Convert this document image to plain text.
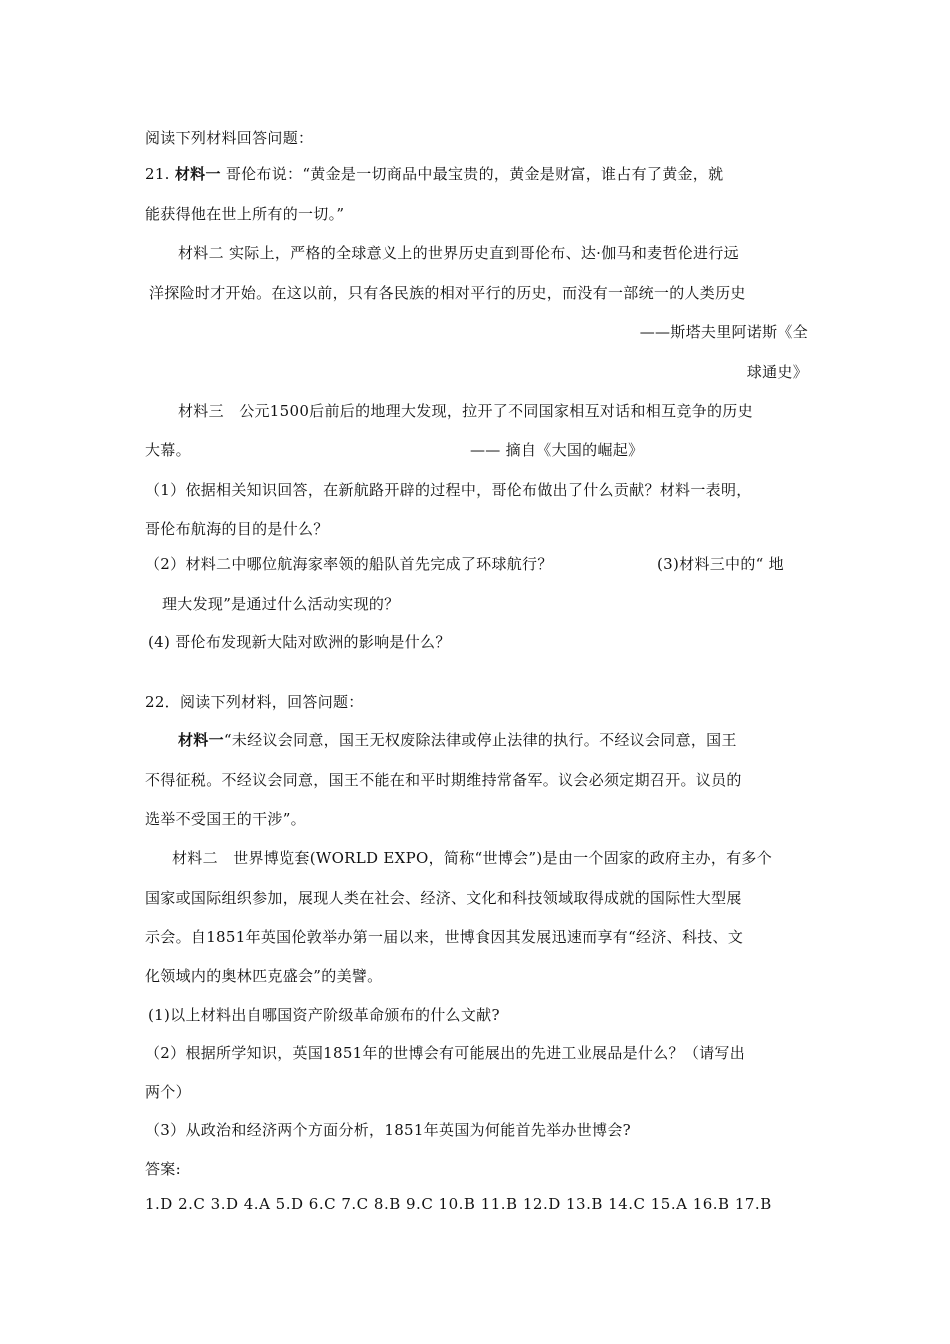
阅读下列材料回答问题：
21. 材料一 哥伦布说：“黄金是一切商品中最宝贵的，黄金是财富，谁占有了黄金，就
能获得他在世上所有的一切。”
材料二 实际上，严格的全球意义上的世界历史直到哥伦布、达·伽马和麦哲伦进行远
洋探险时才开始。在这以前，只有各民族的相对平行的历史，而没有一部统一的人类历史
——斯塔夫里阿诺斯《全
球通史》
材料三　公元1500后前后的地理大发现，拉开了不同国家相互对话和相互竞争的历史
大幕。	—— 摘自《大国的崛起》
（1）依据相关知识回答，在新航路开辟的过程中，哥伦布做出了什么贡献？材料一表明，
哥伦布航海的目的是什么？
（2）材料二中哪位航海家率领的船队首先完成了环球航行？	(3)材料三中的“ 地
理大发现”是通过什么活动实现的？
(4) 哥伦布发现新大陆对欧洲的影响是什么？
22．阅读下列材料，回答问题：
材料一“未经议会同意，国王无权废除法律或停止法律的执行。不经议会同意，国王
不得征税。不经议会同意，国王不能在和平时期维持常备军。议会必须定期召开。议员的
选举不受国王的干涉”。
材料二　世界博览套(WORLD EXPO，简称“世博会”)是由一个固家的政府主办，有多个
国家或国际组织参加，展现人类在社会、经济、文化和科技领域取得成就的国际性大型展
示会。自1851年英国伦敦举办第一届以来，世博食因其发展迅速而享有“经济、科技、文
化领域内的奥林匹克盛会”的美譬。
(1)以上材料出自哪国资产阶级革命颁布的什么文献?
（2）根据所学知识，英国1851年的世博会有可能展出的先进工业展品是什么？（请写出
两个）
（3）从政治和经济两个方面分析，1851年英国为何能首先举办世博会?
答案:
1.D 2.C 3.D 4.A 5.D 6.C 7.C 8.B 9.C 10.B 11.B 12.D 13.B 14.C 15.A 16.B 17.B
